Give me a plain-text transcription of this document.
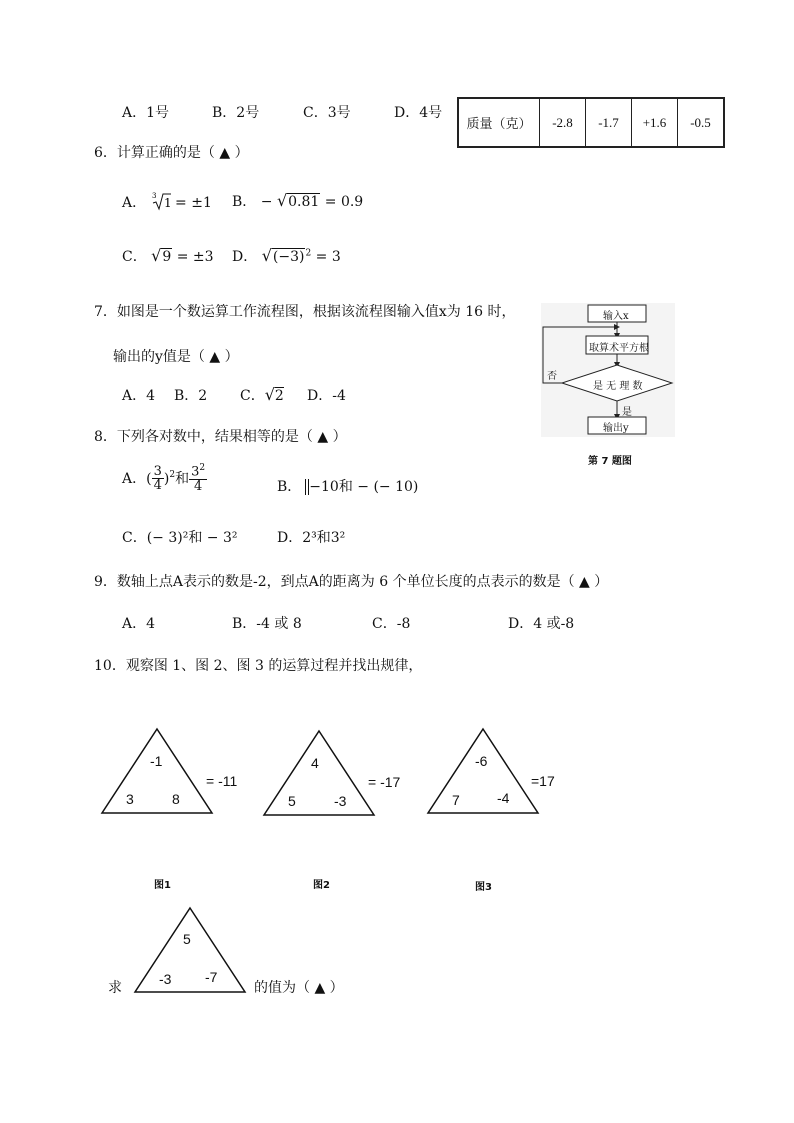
A．1号	B．2号	C．3号	D．4号
质量（克）	-2.8	-1.7	+1.6	-0.5
6．计算正确的是（ ▲ ）
A． 3 1 = ±1 B． − √0.81 = 0.9
C． √9 = ±3 D． $√(-3)^2 = 3$
7．如图是一个数运算工作流程图，根据该流程图输入值x为 16 时，
输出的y值是（ ▲ ）
A．4 B．2 C．√2 D．-4
输入x
取算术平方根
是 无 理 数
否
是
输出y
第 7 题图
8．下列各对数中，结果相等的是（ ▲ ）
A．( $\frac{3}{4} )^2$和 $\frac{3^2}{4}$	B． −10和 − (− 10)
C．(− 3)²和 − 3²	D．2³和3²
9．数轴上点A表示的数是-2，到点A的距离为 6 个单位长度的点表示的数是（ ▲ ）
A．4	B．-4 或 8	C．-8	D．4 或-8
10．观察图 1、图 2、图 3 的运算过程并找出规律，
-1
3	8
= -11
图1
4
5	-3
= -17
图2
-6
7	-4
=17
图3
求
5
-3 -7
的值为（ ▲ ）
